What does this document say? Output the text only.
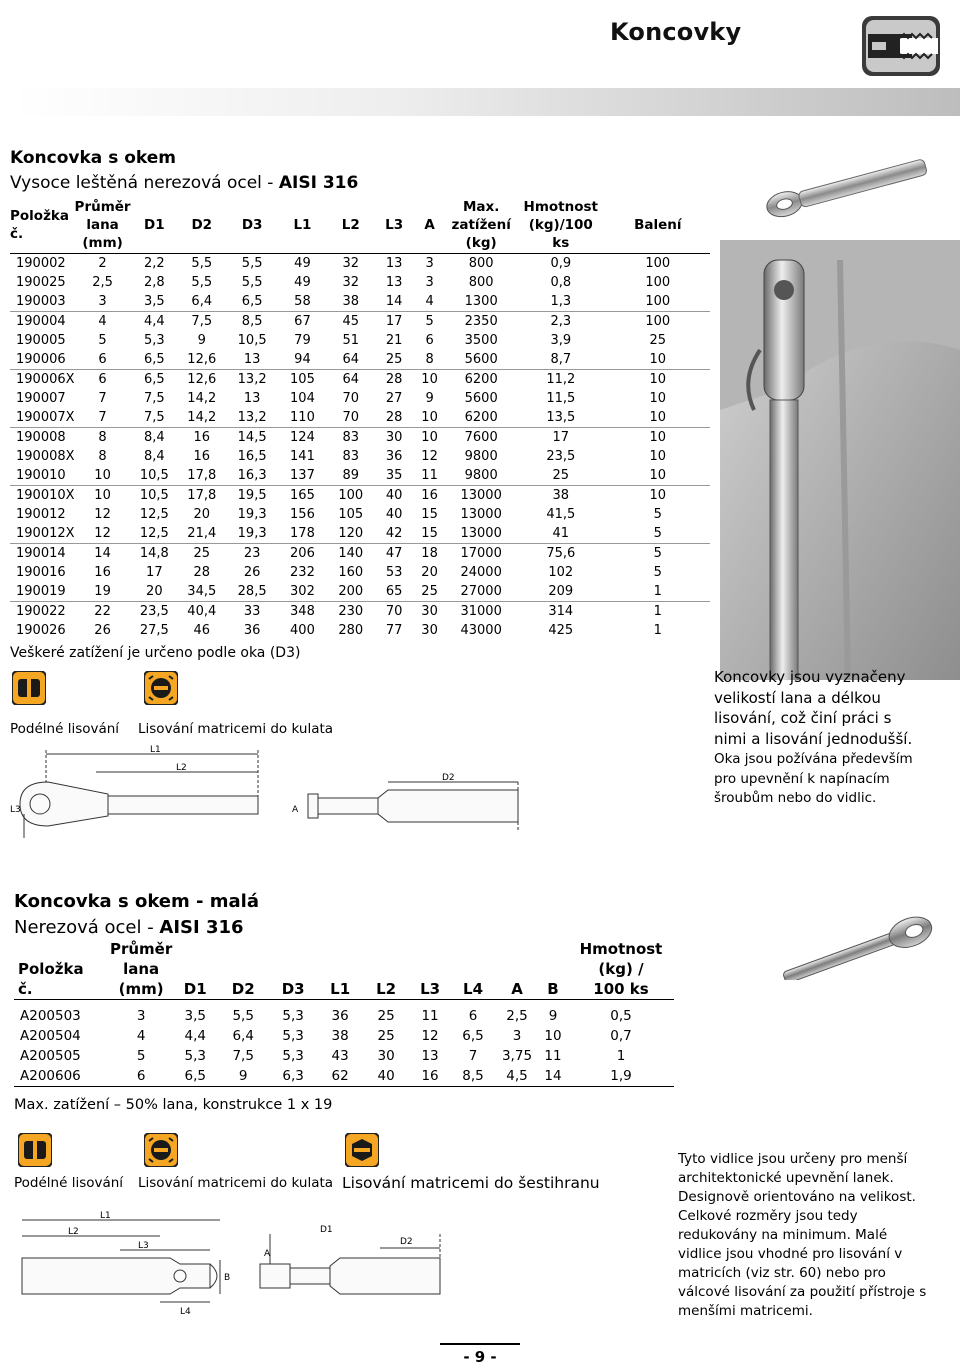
Koncovky
Koncovka s okem
Vysoce leštěná nerezová ocel - AISI 316
Položka
č.	Průměr
lana
(mm)	D1	D2	D3	L1	L2	L3	A	Max.
zatížení
(kg)	Hmotnost
(kg)/100
ks	Balení
190002	2	2,2	5,5	5,5	49	32	13	3	800	0,9	100
190025	2,5	2,8	5,5	5,5	49	32	13	3	800	0,8	100
190003	3	3,5	6,4	6,5	58	38	14	4	1300	1,3	100
190004	4	4,4	7,5	8,5	67	45	17	5	2350	2,3	100
190005	5	5,3	9	10,5	79	51	21	6	3500	3,9	25
190006	6	6,5	12,6	13	94	64	25	8	5600	8,7	10
190006X	6	6,5	12,6	13,2	105	64	28	10	6200	11,2	10
190007	7	7,5	14,2	13	104	70	27	9	5600	11,5	10
190007X	7	7,5	14,2	13,2	110	70	28	10	6200	13,5	10
190008	8	8,4	16	14,5	124	83	30	10	7600	17	10
190008X	8	8,4	16	16,5	141	83	36	12	9800	23,5	10
190010	10	10,5	17,8	16,3	137	89	35	11	9800	25	10
190010X	10	10,5	17,8	19,5	165	100	40	16	13000	38	10
190012	12	12,5	20	19,3	156	105	40	15	13000	41,5	5
190012X	12	12,5	21,4	19,3	178	120	42	15	13000	41	5
190014	14	14,8	25	23	206	140	47	18	17000	75,6	5
190016	16	17	28	26	232	160	53	20	24000	102	5
190019	19	20	34,5	28,5	302	200	65	25	27000	209	1
190022	22	23,5	40,4	33	348	230	70	30	31000	314	1
190026	26	27,5	46	36	400	280	77	30	43000	425	1
Veškeré zatížení je určeno podle oka (D3)
Podélné lisování Lisování matricemi do kulata
L1
L2
L3	A
D2
Koncovky jsou vyznačeny velikostí lana a délkou lisování, což činí práci s nimi a lisování jednodušší. Oka jsou požívána především pro upevnění k napínacím šroubům nebo do vidlic.
Koncovka s okem - malá
Nerezová ocel - AISI 316
Položka
č.	Průměr
lana
(mm)	D1	D2	D3	L1	L2	L3	L4	A	B	Hmotnost
(kg) /
100 ks
A200503	3	3,5	5,5	5,3	36	25	11	6	2,5	9	0,5
A200504	4	4,4	6,4	5,3	38	25	12	6,5	3	10	0,7
A200505	5	5,3	7,5	5,3	43	30	13	7	3,75	11	1
A200606	6	6,5	9	6,3	62	40	16	8,5	4,5	14	1,9
Max. zatížení – 50% lana, konstrukce 1 x 19
Podélné lisování Lisování matricemi do kulata Lisování matricemi do šestihranu
L1
L2
L3
L4
B
A
D1
D2
Tyto vidlice jsou určeny pro menší architektonické upevnění lanek. Designově orientováno na velikost. Celkové rozměry jsou tedy redukovány na minimum. Malé vidlice jsou vhodné pro lisování v matricích (viz str. 60) nebo pro válcové lisování za použití přístroje s menšími matricemi.
- 9 -
